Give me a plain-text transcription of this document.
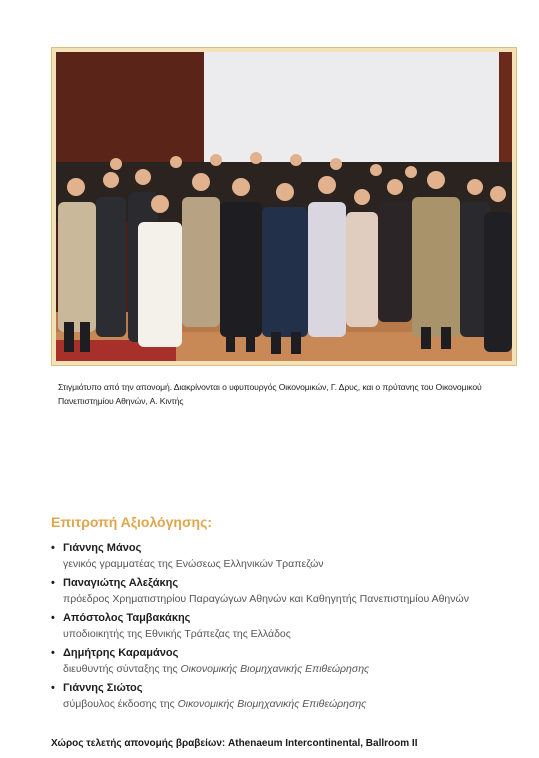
Στιγμιότυπο από την απονομή. Διακρίνονται ο υφυπουργός Οικονομικών, Γ. Δρυς, και ο πρύτανης του Οικονομικού Πανεπιστημίου Αθηνών, Α. Κιντής
Επιτροπή Αξιολόγησης:
• Γιάννης Μάνος
γενικός γραμματέας της Ενώσεως Ελληνικών Τραπεζών
• Παναγιώτης Αλεξάκης
πρόεδρος Χρηματιστηρίου Παραγώγων Αθηνών και Καθηγητής Πανεπιστημίου Αθηνών
• Απόστολος Ταμβακάκης
υποδιοικητής της Εθνικής Τράπεζας της Ελλάδος
• Δημήτρης Καραμάνος
διευθυντής σύνταξης της Οικονομικής Βιομηχανικής Επιθεώρησης
• Γιάννης Σιώτος
σύμβουλος έκδοσης της Οικονομικής Βιομηχανικής Επιθεώρησης
Χώρος τελετής απονομής βραβείων: Athenaeum Intercontinental, Ballroom II
